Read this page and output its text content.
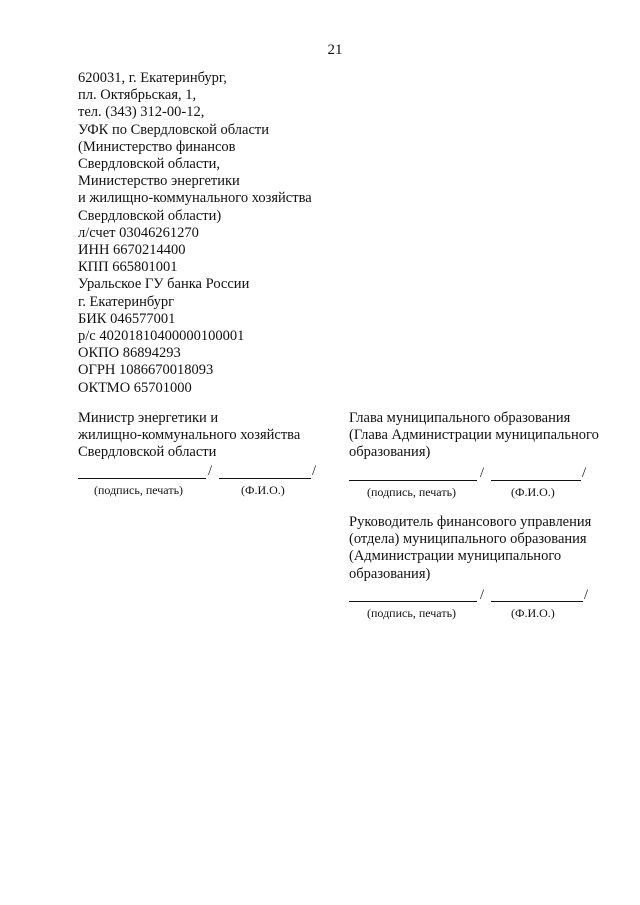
21
620031, г. Екатеринбург,
пл. Октябрьская, 1,
тел. (343) 312-00-12,
УФК по Свердловской области
(Министерство финансов
Свердловской области,
Министерство энергетики
и жилищно-коммунального хозяйства
Свердловской области)
л/счет 03046261270
ИНН 6670214400
КПП 665801001
Уральское ГУ банка России
г. Екатеринбург
БИК 046577001
р/с 40201810400000100001
ОКПО 86894293
ОГРН 1086670018093
ОКТМО 65701000
Министр энергетики и
жилищно-коммунального хозяйства
Свердловской области
/	/
(подпись, печать)	(Ф.И.О.)
Глава муниципального образования
(Глава Администрации муниципального
образования)
/	/
(подпись, печать)	(Ф.И.О.)
Руководитель финансового управления
(отдела) муниципального образования
(Администрации муниципального
образования)
/	/
(подпись, печать)	(Ф.И.О.)
